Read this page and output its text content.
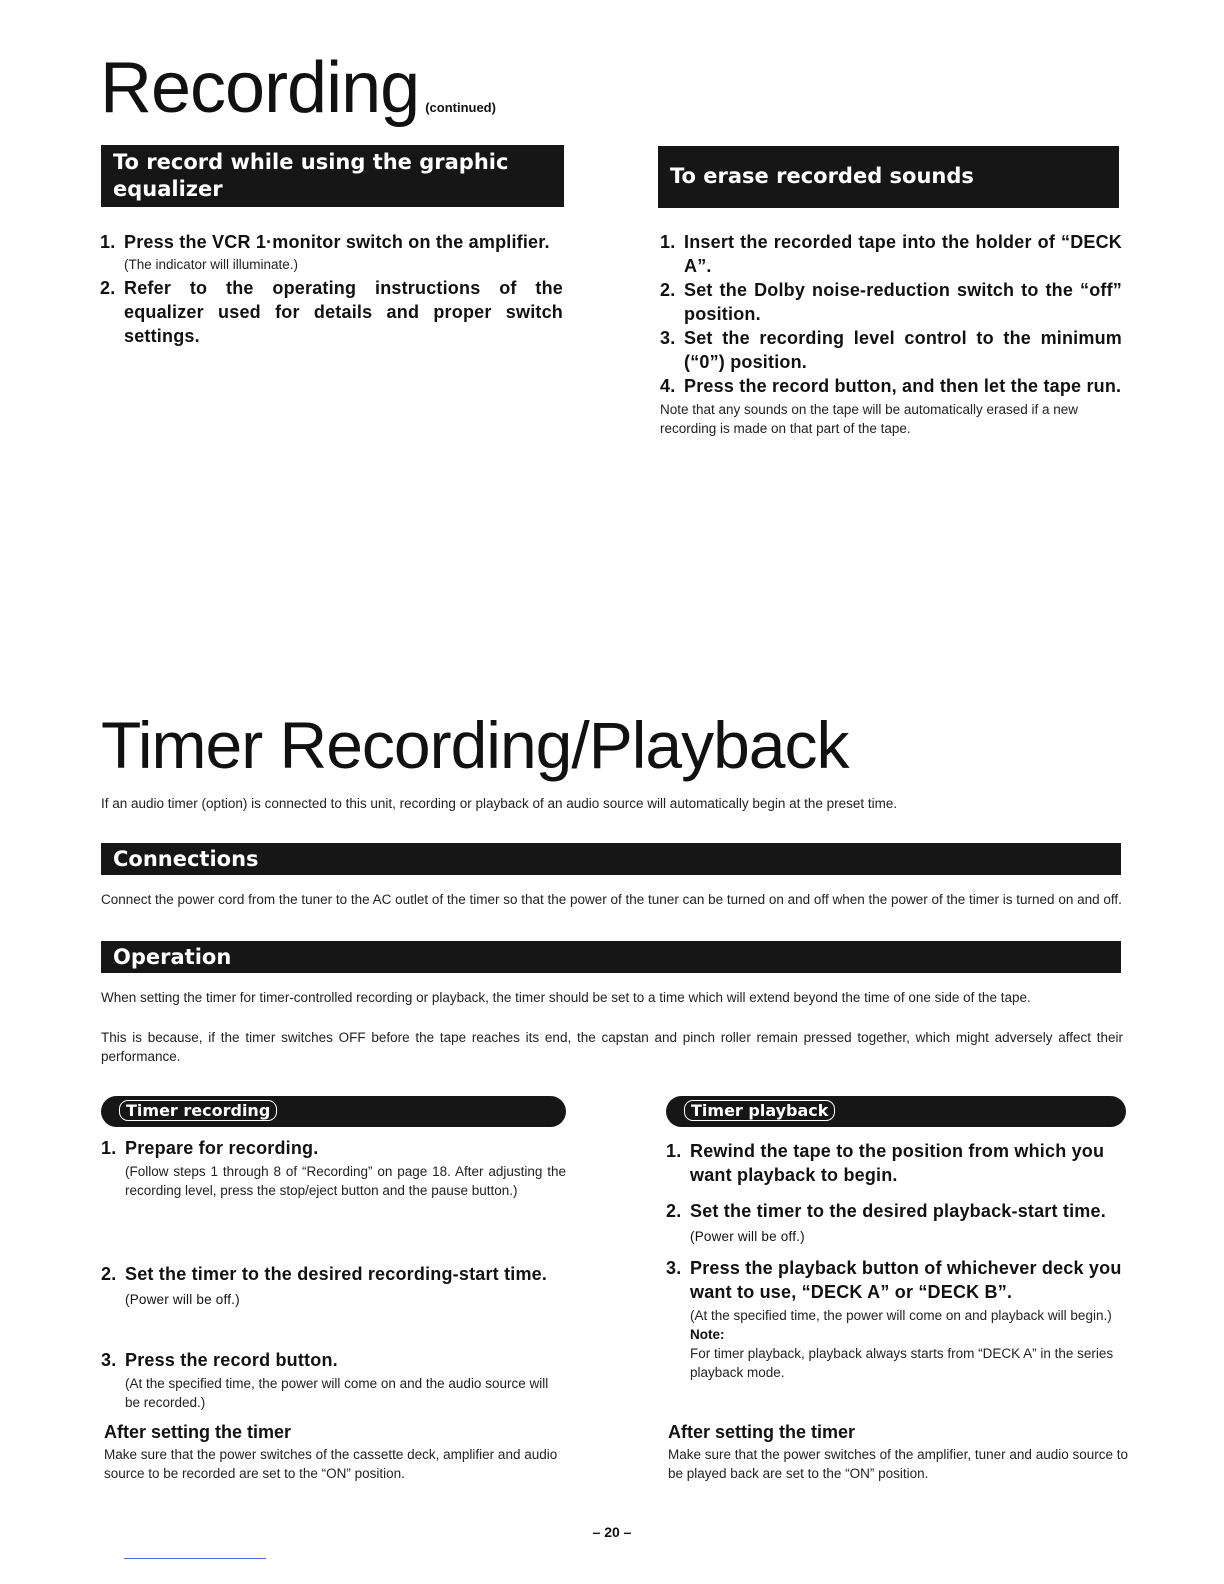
Recording (continued)
To record while using the graphic equalizer
1. Press the VCR 1·monitor switch on the amplifier.
(The indicator will illuminate.)
2. Refer to the operating instructions of the equalizer used for details and proper switch settings.
To erase recorded sounds
1. Insert the recorded tape into the holder of “DECK A”.
2. Set the Dolby noise-reduction switch to the “off” position.
3. Set the recording level control to the minimum (“0”) position.
4. Press the record button, and then let the tape run.
Note that any sounds on the tape will be automatically erased if a new recording is made on that part of the tape.
Timer Recording/Playback
If an audio timer (option) is connected to this unit, recording or playback of an audio source will automatically begin at the preset time.
Connections
Connect the power cord from the tuner to the AC outlet of the timer so that the power of the tuner can be turned on and off when the power of the timer is turned on and off.
Operation
When setting the timer for timer-controlled recording or playback, the timer should be set to a time which will extend beyond the time of one side of the tape.
This is because, if the timer switches OFF before the tape reaches its end, the capstan and pinch roller remain pressed together, which might adversely affect their performance.
Timer recording
1. Prepare for recording.
(Follow steps 1 through 8 of “Recording” on page 18. After adjusting the recording level, press the stop/eject button and the pause button.)
2. Set the timer to the desired recording-start time. (Power will be off.)
3. Press the record button.
(At the specified time, the power will come on and the audio source will be recorded.)
After setting the timer
Make sure that the power switches of the cassette deck, amplifier and audio source to be recorded are set to the “ON” position.
Timer playback
1. Rewind the tape to the position from which you want playback to begin.
2. Set the timer to the desired playback-start time. (Power will be off.)
3. Press the playback button of whichever deck you want to use, “DECK A” or “DECK B”.
(At the specified time, the power will come on and playback will begin.)
Note:
For timer playback, playback always starts from “DECK A” in the series playback mode.
After setting the timer
Make sure that the power switches of the amplifier, tuner and audio source to be played back are set to the “ON” position.
– 20 –
